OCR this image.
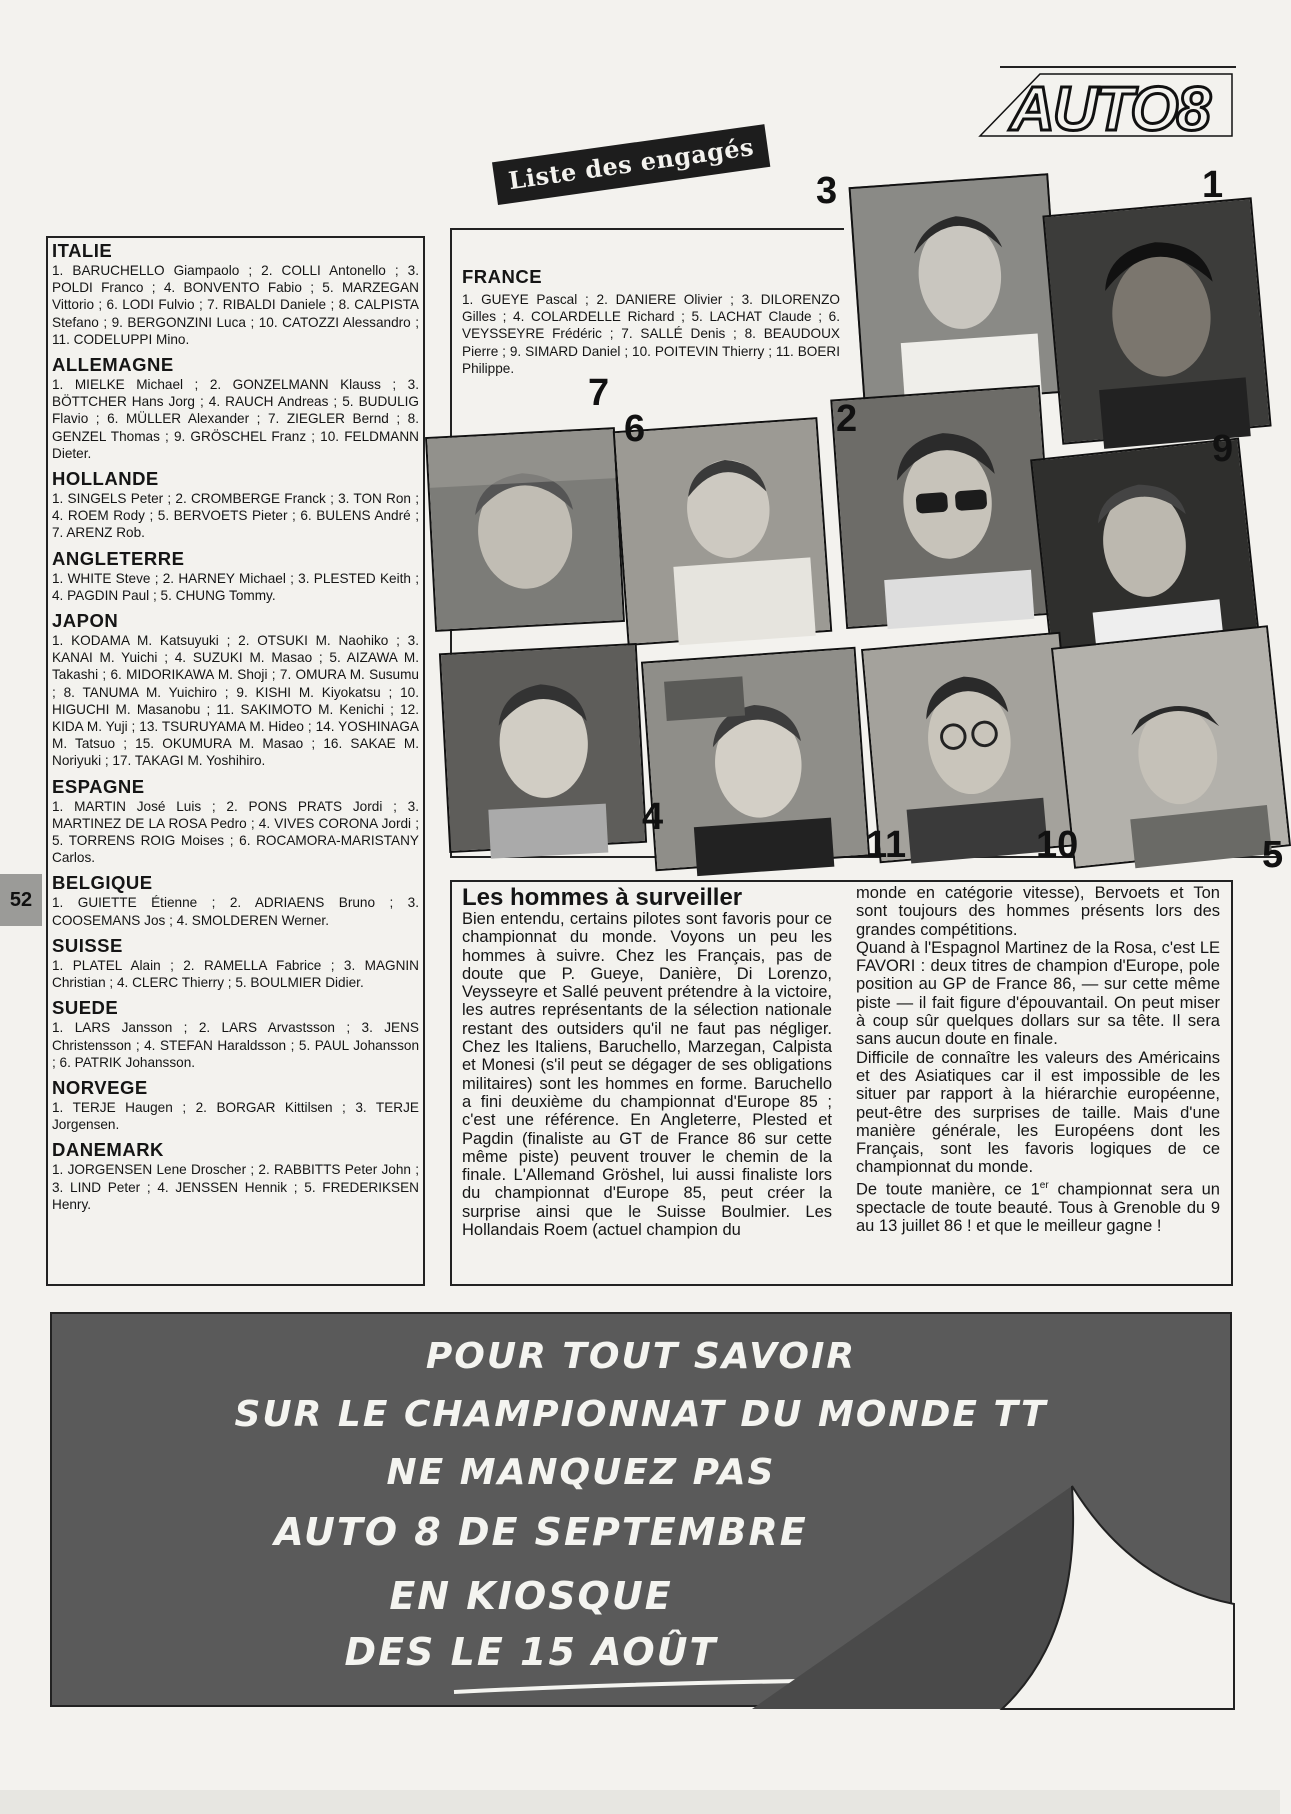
AUTO8
Liste des engagés
52
ITALIE

1. BARUCHELLO Giampaolo ; 2. COLLI Antonello ; 3. POLDI Franco ; 4. BONVENTO Fabio ; 5. MARZEGAN Vittorio ; 6. LODI Fulvio ; 7. RIBALDI Daniele ; 8. CALPISTA Stefano ; 9. BERGONZINI Luca ; 10. CATOZZI Alessandro ; 11. CODELUPPI Mino.

ALLEMAGNE

1. MIELKE Michael ; 2. GONZELMANN Klauss ; 3. BÖTTCHER Hans Jorg ; 4. RAUCH Andreas ; 5. BUDULIG Flavio ; 6. MÜLLER Alexander ; 7. ZIEGLER Bernd ; 8. GENZEL Thomas ; 9. GRÖSCHEL Franz ; 10. FELDMANN Dieter.

HOLLANDE

1. SINGELS Peter ; 2. CROMBERGE Franck ; 3. TON Ron ; 4. ROEM Rody ; 5. BERVOETS Pieter ; 6. BULENS André ; 7. ARENZ Rob.

ANGLETERRE

1. WHITE Steve ; 2. HARNEY Michael ; 3. PLESTED Keith ; 4. PAGDIN Paul ; 5. CHUNG Tommy.

JAPON

1. KODAMA M. Katsuyuki ; 2. OTSUKI M. Naohiko ; 3. KANAI M. Yuichi ; 4. SUZUKI M. Masao ; 5. AIZAWA M. Takashi ; 6. MIDORIKAWA M. Shoji ; 7. OMURA M. Susumu ; 8. TANUMA M. Yuichiro ; 9. KISHI M. Kiyokatsu ; 10. HIGUCHI M. Masanobu ; 11. SAKIMOTO M. Kenichi ; 12. KIDA M. Yuji ; 13. TSURUYAMA M. Hideo ; 14. YOSHINAGA M. Tatsuo ; 15. OKUMURA M. Masao ; 16. SAKAE M. Noriyuki ; 17. TAKAGI M. Yoshihiro.

ESPAGNE

1. MARTIN José Luis ; 2. PONS PRATS Jordi ; 3. MARTINEZ DE LA ROSA Pedro ; 4. VIVES CORONA Jordi ; 5. TORRENS ROIG Moises ; 6. ROCAMORA-MARISTANY Carlos.

BELGIQUE

1. GUIETTE Étienne ; 2. ADRIAENS Bruno ; 3. COOSEMANS Jos ; 4. SMOLDEREN Werner.

SUISSE

1. PLATEL Alain ; 2. RAMELLA Fabrice ; 3. MAGNIN Christian ; 4. CLERC Thierry ; 5. BOULMIER Didier.

SUEDE

1. LARS Jansson ; 2. LARS Arvastsson ; 3. JENS Christensson ; 4. STEFAN Haraldsson ; 5. PAUL Johansson ; 6. PATRIK Johansson.

NORVEGE

1. TERJE Haugen ; 2. BORGAR Kittilsen ; 3. TERJE Jorgensen.

DANEMARK

1. JORGENSEN Lene Droscher ; 2. RABBITTS Peter John ; 3. LIND Peter ; 4. JENSSEN Hennik ; 5. FREDERIKSEN Henry.

FRANCE

1. GUEYE Pascal ; 2. DANIERE Olivier ; 3. DILORENZO Gilles ; 4. COLARDELLE Richard ; 5. LACHAT Claude ; 6. VEYSSEYRE Frédéric ; 7. SALLÉ Denis ; 8. BEAUDOUX Pierre ; 9. SIMARD Daniel ; 10. POITEVIN Thierry ; 11. BOERI Philippe.

3	1
7
6	2
9
4
11	10	5
Les hommes à surveiller

Bien entendu, certains pilotes sont favoris pour ce championnat du monde. Voyons un peu les hommes à suivre. Chez les Français, pas de doute que P. Gueye, Danière, Di Lorenzo, Veysseyre et Sallé peuvent prétendre à la victoire, les autres représentants de la sélection nationale restant des outsiders qu'il ne faut pas négliger. Chez les Italiens, Baruchello, Marzegan, Calpista et Monesi (s'il peut se dégager de ses obligations militaires) sont les hommes en forme. Baruchello a fini deuxième du championnat d'Europe 85 ; c'est une référence. En Angleterre, Plested et Pagdin (finaliste au GT de France 86 sur cette même piste) peuvent trouver le chemin de la finale. L'Allemand Gröshel, lui aussi finaliste lors du championnat d'Europe 85, peut créer la surprise ainsi que le Suisse Boulmier. Les Hollandais Roem (actuel champion du

monde en catégorie vitesse), Bervoets et Ton sont toujours des hommes présents lors des grandes compétitions.

Quand à l'Espagnol Martinez de la Rosa, c'est LE FAVORI : deux titres de champion d'Europe, pole position au GP de France 86, — sur cette même piste — il fait figure d'épouvantail. On peut miser à coup sûr quelques dollars sur sa tête. Il sera sans aucun doute en finale.

Difficile de connaître les valeurs des Américains et des Asiatiques car il est impossible de les situer par rapport à la hiérarchie européenne, peut-être des surprises de taille. Mais d'une manière générale, les Européens dont les Français, sont les favoris logiques de ce championnat du monde.

De toute manière, ce 1er championnat sera un spectacle de toute beauté. Tous à Grenoble du 9 au 13 juillet 86 ! et que le meilleur gagne !

POUR TOUT SAVOIR
SUR LE CHAMPIONNAT DU MONDE TT
NE MANQUEZ PAS
AUTO 8 DE SEPTEMBRE
EN KIOSQUE
DES LE 15 AOÛT
